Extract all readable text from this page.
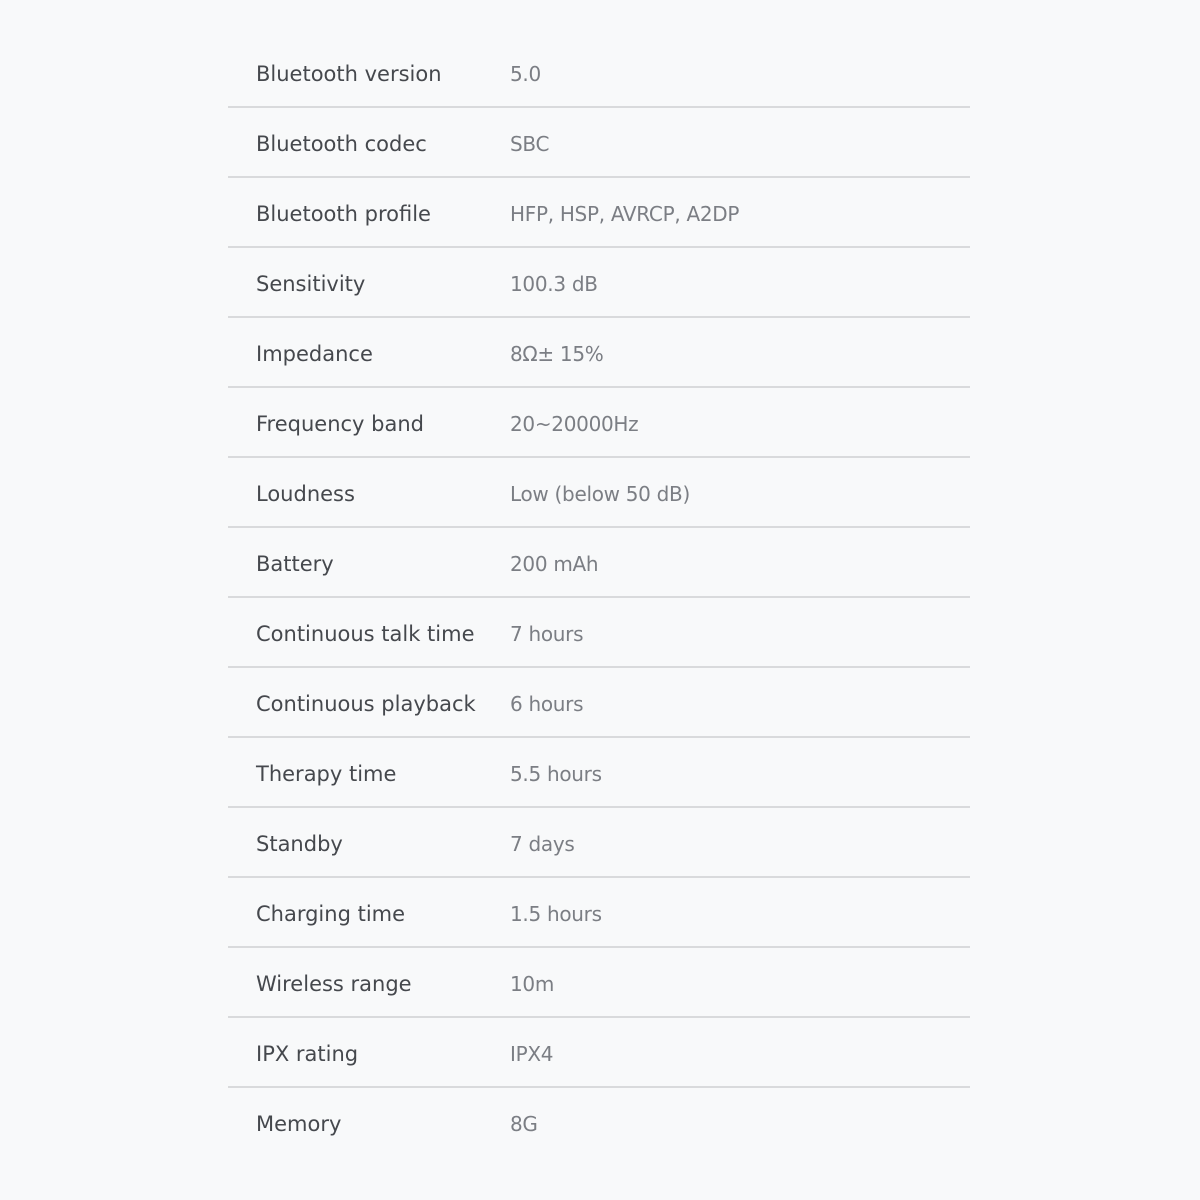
Bluetooth version	5.0
Bluetooth codec	SBC
Bluetooth profile	HFP, HSP, AVRCP, A2DP
Sensitivity	100.3 dB
Impedance	8Ω± 15%
Frequency band	20~20000Hz
Loudness	Low (below 50 dB)
Battery	200 mAh
Continuous talk time 7 hours
Continuous playback 6 hours
Therapy time	5.5 hours
Standby	7 days
Charging time	1.5 hours
Wireless range	10m
IPX rating	IPX4
Memory	8G
